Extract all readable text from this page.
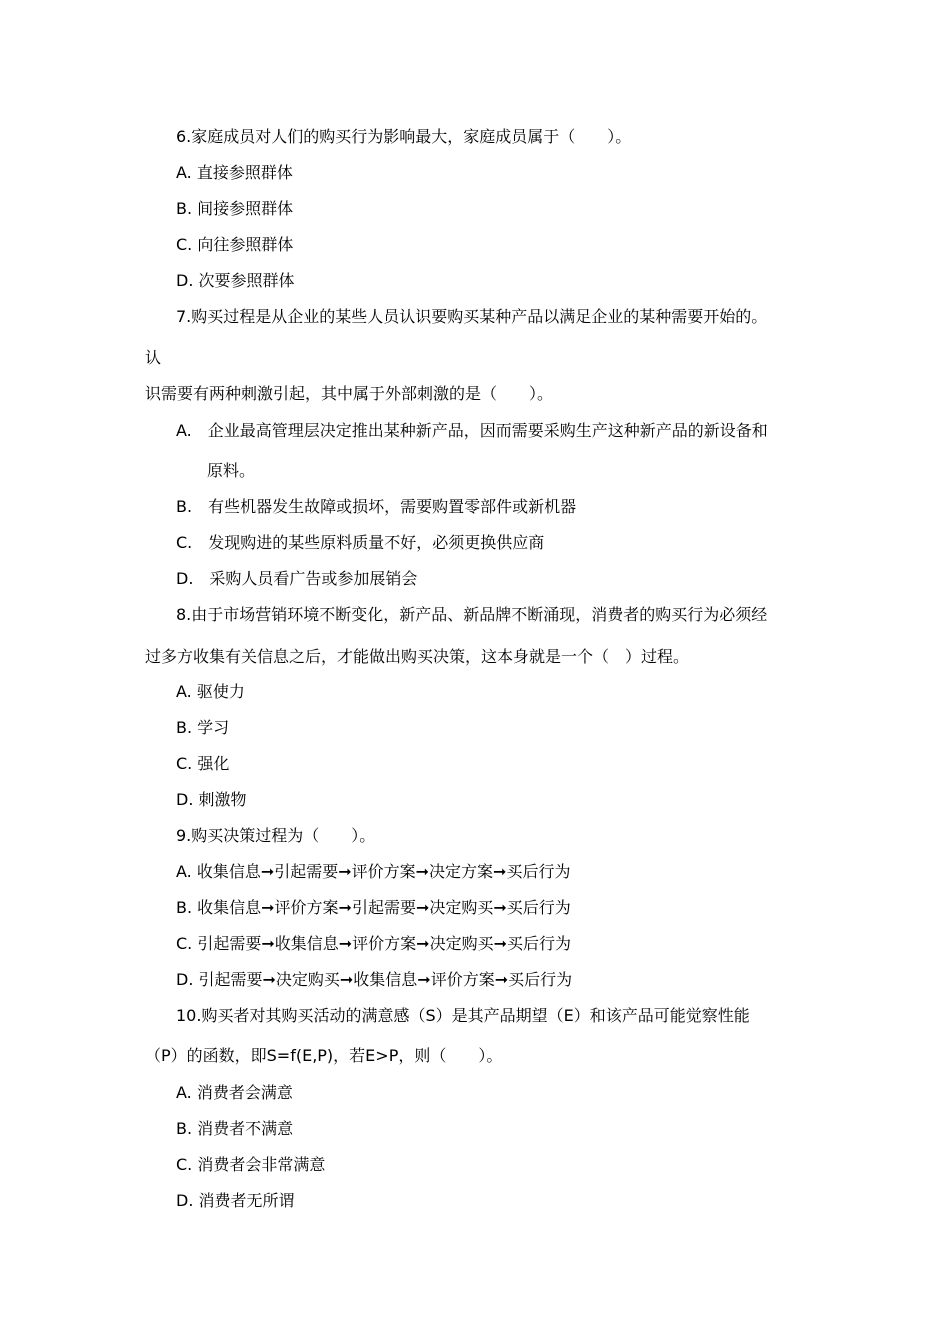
6.家庭成员对人们的购买行为影响最大，家庭成员属于（　　）。
A. 直接参照群体
B. 间接参照群体
C. 向往参照群体
D. 次要参照群体
7.购买过程是从企业的某些人员认识要购买某种产品以满足企业的某种需要开始的。
认
识需要有两种刺激引起，其中属于外部刺激的是（　　）。
A.　企业最高管理层决定推出某种新产品，因而需要采购生产这种新产品的新设备和
原料。
B.　有些机器发生故障或损坏，需要购置零部件或新机器
C.　发现购进的某些原料质量不好，必须更换供应商
D.　采购人员看广告或参加展销会
8.由于市场营销环境不断变化，新产品、新品牌不断涌现，消费者的购买行为必须经
过多方收集有关信息之后，才能做出购买决策，这本身就是一个（　）过程。
A. 驱使力
B. 学习
C. 强化
D. 刺激物
9.购买决策过程为（　　）。
A. 收集信息➞引起需要➞评价方案➞决定方案➞买后行为
B. 收集信息➞评价方案➞引起需要➞决定购买➞买后行为
C. 引起需要➞收集信息➞评价方案➞决定购买➞买后行为
D. 引起需要➞决定购买➞收集信息➞评价方案➞买后行为
10.购买者对其购买活动的满意感（S）是其产品期望（E）和该产品可能觉察性能
（P）的函数，即S=f(E,P)，若E>P，则（　　）。
A. 消费者会满意
B. 消费者不满意
C. 消费者会非常满意
D. 消费者无所谓
